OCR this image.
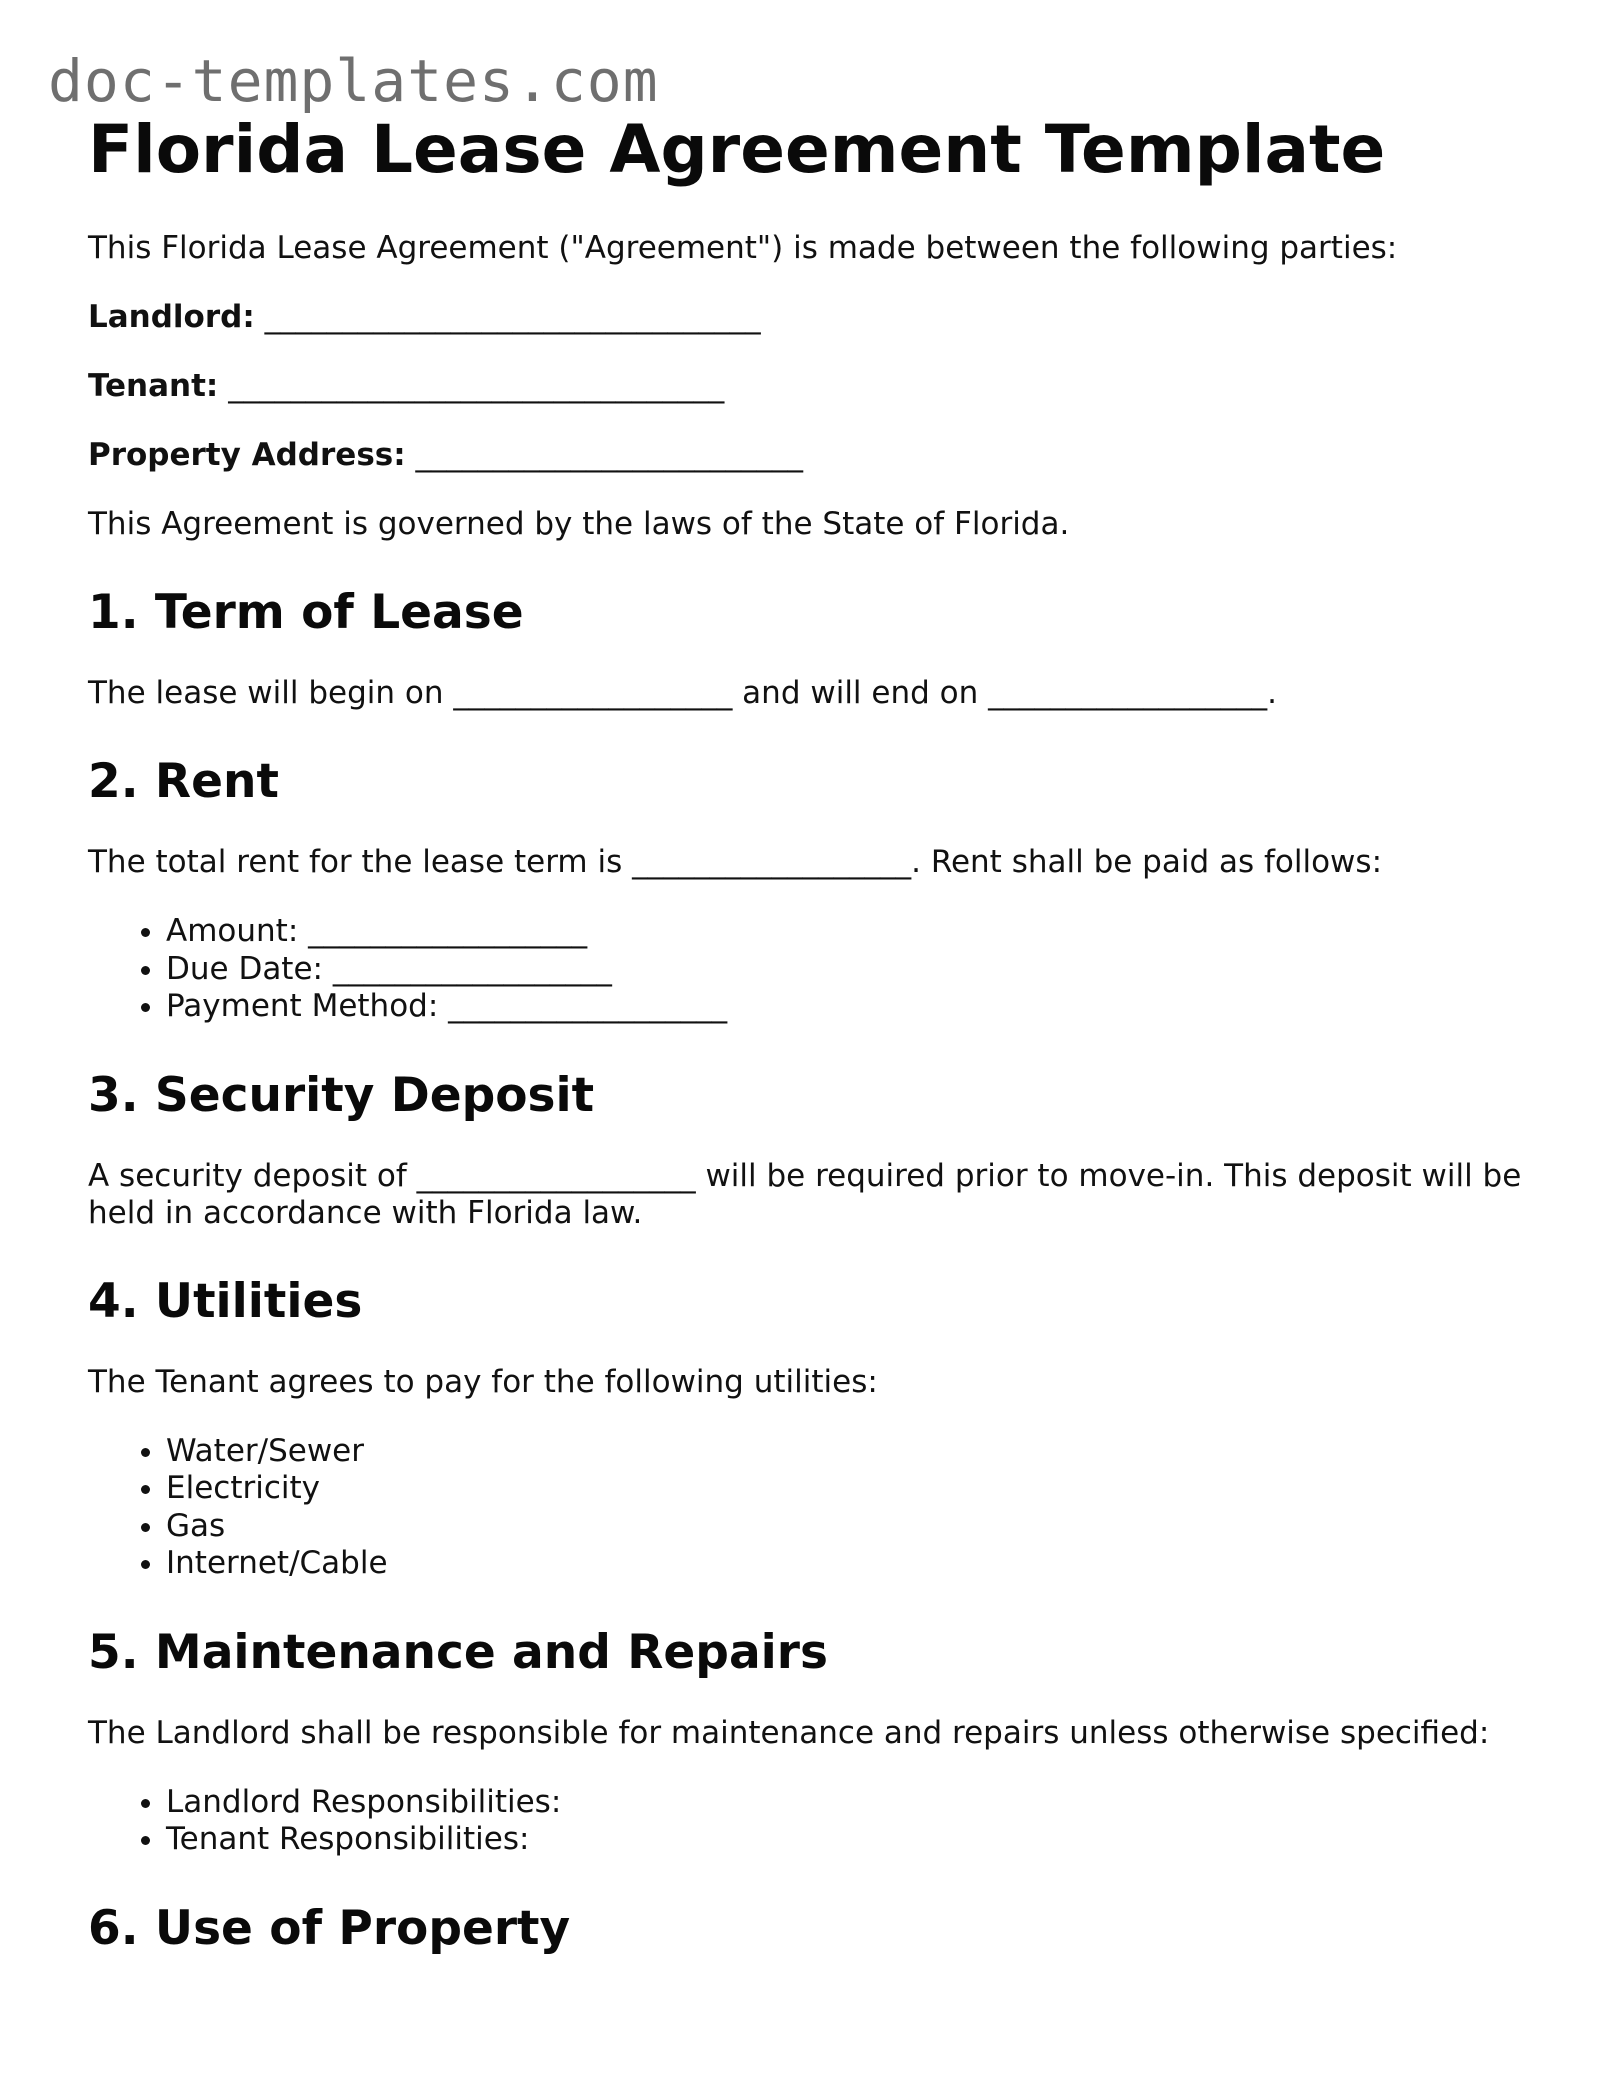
doc-templates.com
Florida Lease Agreement Template

This Florida Lease Agreement ("Agreement") is made between the following parties:

Landlord: ________________________________

Tenant: ________________________________

Property Address: _________________________

This Agreement is governed by the laws of the State of Florida.

1. Term of Lease

The lease will begin on __________________ and will end on __________________.

2. Rent

The total rent for the lease term is __________________. Rent shall be paid as follows:

• Amount: __________________
• Due Date: __________________
• Payment Method: __________________
3. Security Deposit

A security deposit of __________________ will be required prior to move-in. This deposit will be held in accordance with Florida law.

4. Utilities

The Tenant agrees to pay for the following utilities:

• Water/Sewer
• Electricity
• Gas
• Internet/Cable
5. Maintenance and Repairs

The Landlord shall be responsible for maintenance and repairs unless otherwise specified:

• Landlord Responsibilities:
• Tenant Responsibilities:
6. Use of Property
